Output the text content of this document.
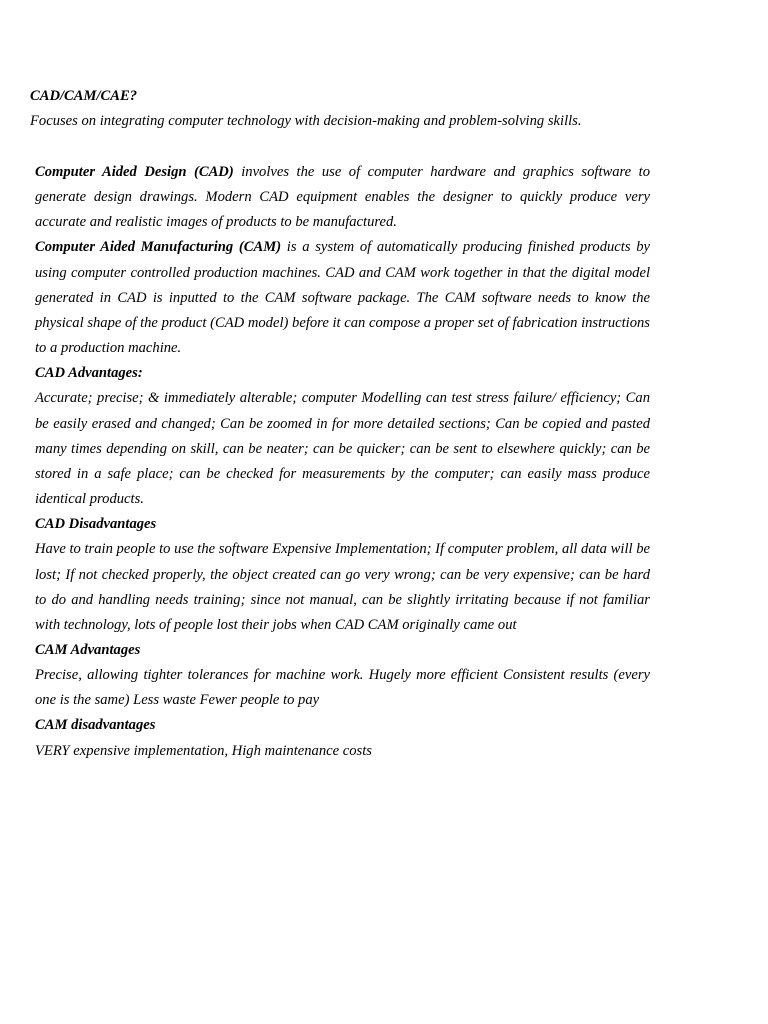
CAD/CAM/CAE?
Focuses on integrating computer technology with decision-making and problem-solving skills.

Computer Aided Design (CAD) involves the use of computer hardware and graphics software to generate design drawings. Modern CAD equipment enables the designer to quickly produce very accurate and realistic images of products to be manufactured.

Computer Aided Manufacturing (CAM) is a system of automatically producing finished products by using computer controlled production machines. CAD and CAM work together in that the digital model generated in CAD is inputted to the CAM software package. The CAM software needs to know the physical shape of the product (CAD model) before it can compose a proper set of fabrication instructions to a production machine.

CAD Advantages:

Accurate; precise; & immediately alterable; computer Modelling can test stress failure/ efficiency; Can be easily erased and changed; Can be zoomed in for more detailed sections; Can be copied and pasted many times depending on skill, can be neater; can be quicker; can be sent to elsewhere quickly; can be stored in a safe place; can be checked for measurements by the computer; can easily mass produce identical products.

CAD Disadvantages

Have to train people to use the software Expensive Implementation; If computer problem, all data will be lost; If not checked properly, the object created can go very wrong; can be very expensive; can be hard to do and handling needs training; since not manual, can be slightly irritating because if not familiar with technology, lots of people lost their jobs when CAD CAM originally came out

CAM Advantages

Precise, allowing tighter tolerances for machine work. Hugely more efficient Consistent results (every one is the same) Less waste Fewer people to pay

CAM disadvantages

VERY expensive implementation, High maintenance costs
